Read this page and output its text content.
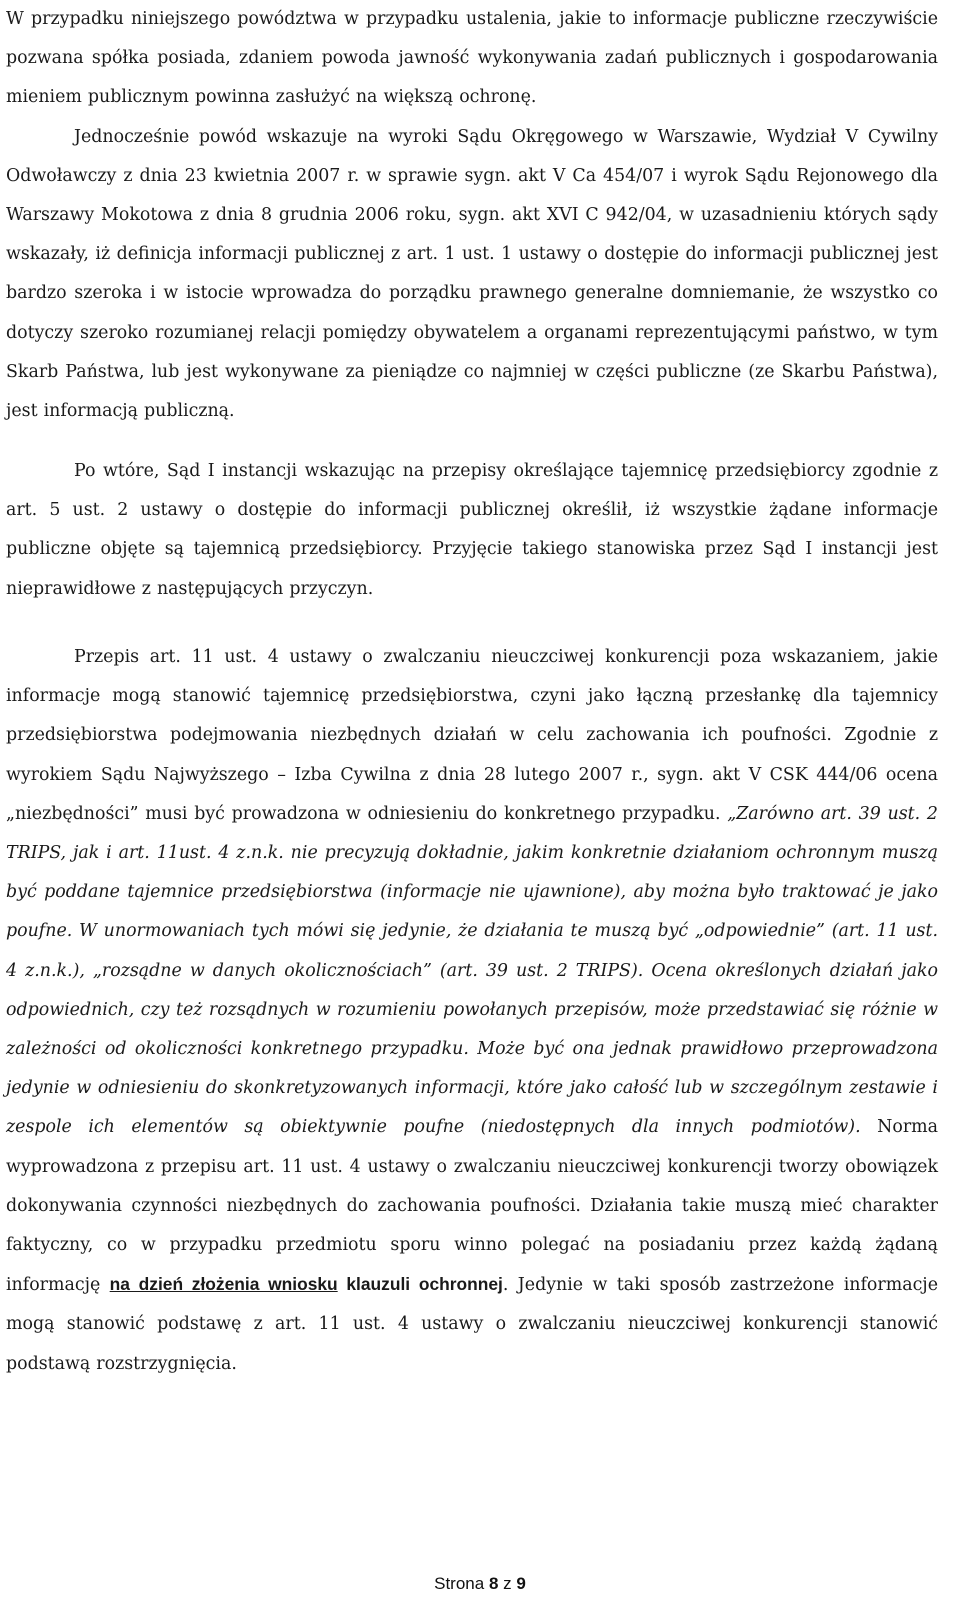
W przypadku niniejszego powództwa w przypadku ustalenia, jakie to informacje publiczne rzeczywiście pozwana spółka posiada, zdaniem powoda jawność wykonywania zadań publicznych i gospodarowania mieniem publicznym powinna zasłużyć na większą ochronę.
Jednocześnie powód wskazuje na wyroki Sądu Okręgowego w Warszawie, Wydział V Cywilny Odwoławczy z dnia 23 kwietnia 2007 r. w sprawie sygn. akt V Ca 454/07 i wyrok Sądu Rejonowego dla Warszawy Mokotowa z dnia 8 grudnia 2006 roku, sygn. akt XVI C 942/04, w uzasadnieniu których sądy wskazały, iż definicja informacji publicznej z art. 1 ust. 1 ustawy o dostępie do informacji publicznej jest bardzo szeroka i w istocie wprowadza do porządku prawnego generalne domniemanie, że wszystko co dotyczy szeroko rozumianej relacji pomiędzy obywatelem a organami reprezentującymi państwo, w tym Skarb Państwa, lub jest wykonywane za pieniądze co najmniej w części publiczne (ze Skarbu Państwa), jest informacją publiczną.

Po wtóre, Sąd I instancji wskazując na przepisy określające tajemnicę przedsiębiorcy zgodnie z art. 5 ust. 2 ustawy o dostępie do informacji publicznej określił, iż wszystkie żądane informacje publiczne objęte są tajemnicą przedsiębiorcy. Przyjęcie takiego stanowiska przez Sąd I instancji jest nieprawidłowe z następujących przyczyn.

Przepis art. 11 ust. 4 ustawy o zwalczaniu nieuczciwej konkurencji poza wskazaniem, jakie informacje mogą stanowić tajemnicę przedsiębiorstwa, czyni jako łączną przesłankę dla tajemnicy przedsiębiorstwa podejmowania niezbędnych działań w celu zachowania ich poufności. Zgodnie z wyrokiem Sądu Najwyższego – Izba Cywilna z dnia 28 lutego 2007 r., sygn. akt V CSK 444/06 ocena „niezbędności” musi być prowadzona w odniesieniu do konkretnego przypadku. „Zarówno art. 39 ust. 2 TRIPS, jak i art. 11ust. 4 z.n.k. nie precyzują dokładnie, jakim konkretnie działaniom ochronnym muszą być poddane tajemnice przedsiębiorstwa (informacje nie ujawnione), aby można było traktować je jako poufne. W unormowaniach tych mówi się jedynie, że działania te muszą być „odpowiednie” (art. 11 ust. 4 z.n.k.), „rozsądne w danych okolicznościach” (art. 39 ust. 2 TRIPS). Ocena określonych działań jako odpowiednich, czy też rozsądnych w rozumieniu powołanych przepisów, może przedstawiać się różnie w zależności od okoliczności konkretnego przypadku. Może być ona jednak prawidłowo przeprowadzona jedynie w odniesieniu do skonkretyzowanych informacji, które jako całość lub w szczególnym zestawie i zespole ich elementów są obiektywnie poufne (niedostępnych dla innych podmiotów). Norma wyprowadzona z przepisu art. 11 ust. 4 ustawy o zwalczaniu nieuczciwej konkurencji tworzy obowiązek dokonywania czynności niezbędnych do zachowania poufności. Działania takie muszą mieć charakter faktyczny, co w przypadku przedmiotu sporu winno polegać na posiadaniu przez każdą żądaną informację na dzień złożenia wniosku klauzuli ochronnej. Jedynie w taki sposób zastrzeżone informacje mogą stanowić podstawę z art. 11 ust. 4 ustawy o zwalczaniu nieuczciwej konkurencji stanowić podstawą rozstrzygnięcia.

Strona 8 z 9
